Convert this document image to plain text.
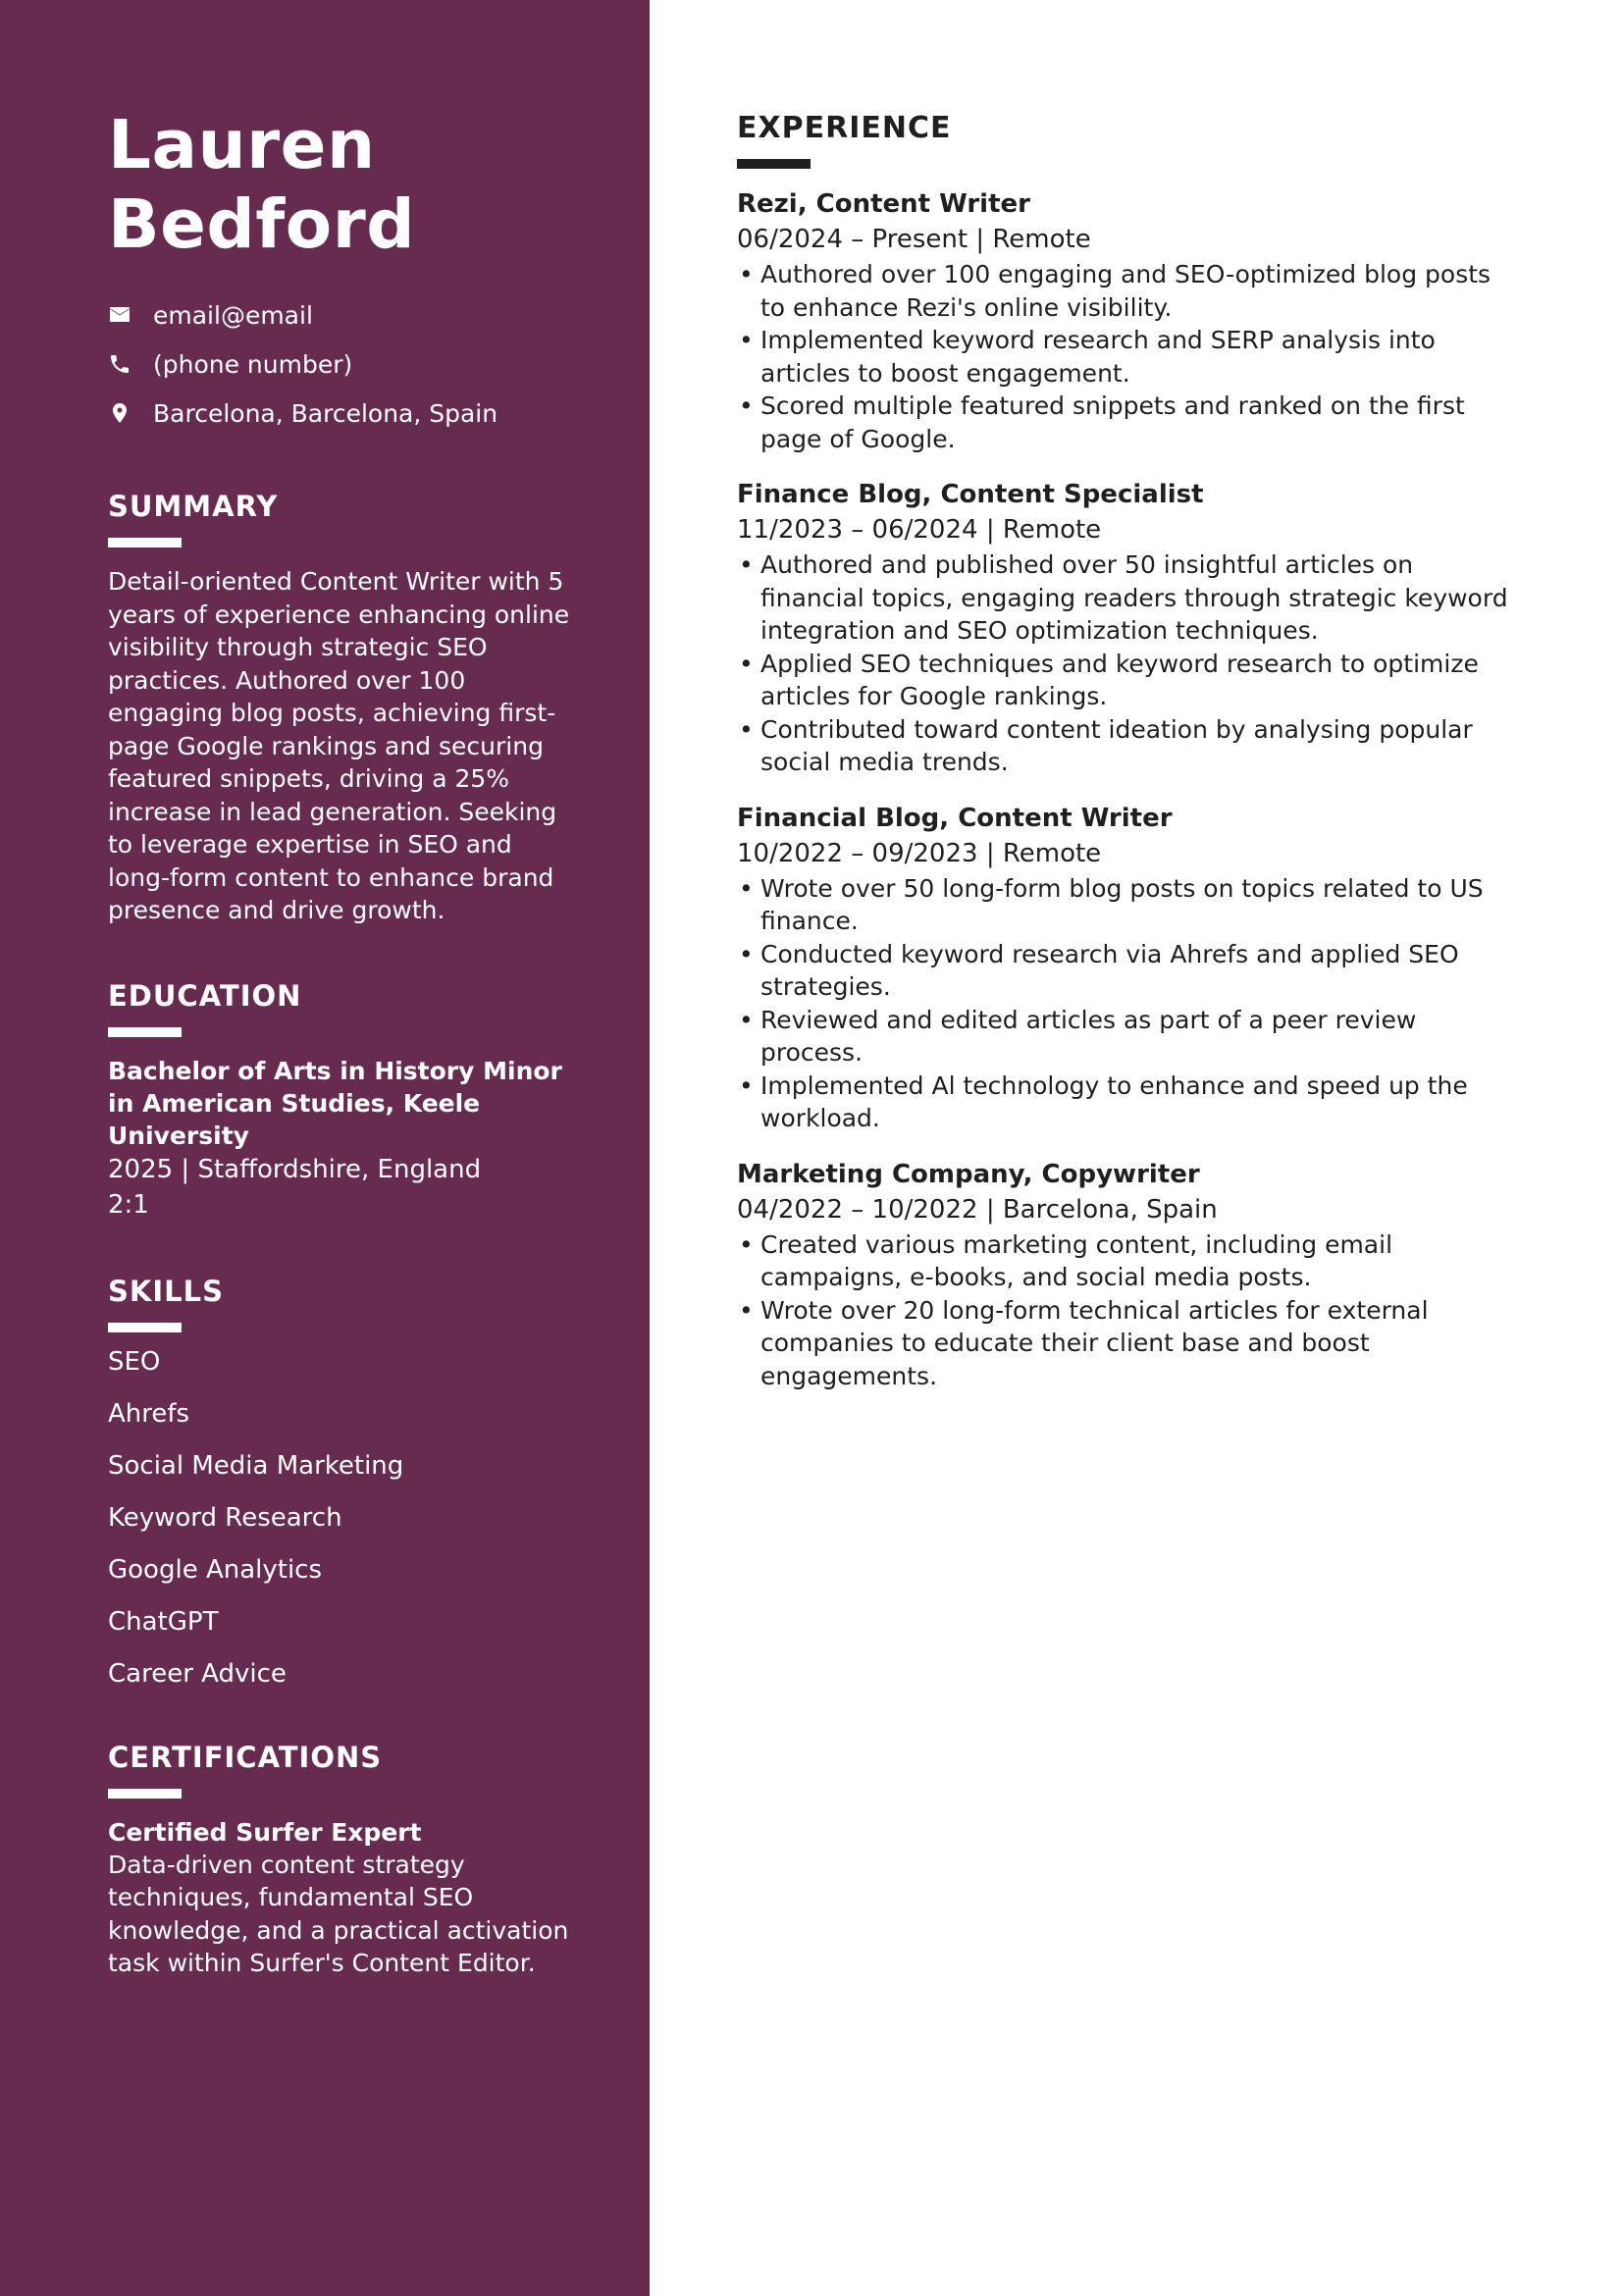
Lauren
Bedford
email@email
(phone number)
Barcelona, Barcelona, Spain
SUMMARY

Detail-oriented Content Writer with 5 years of experience enhancing online visibility through strategic SEO practices. Authored over 100 engaging blog posts, achieving first-page Google rankings and securing featured snippets, driving a 25% increase in lead generation. Seeking to leverage expertise in SEO and long-form content to enhance brand presence and drive growth.

EDUCATION

Bachelor of Arts in History Minor in American Studies, Keele University

2025 | Staffordshire, England

2:1

SKILLS

SEO

Ahrefs

Social Media Marketing

Keyword Research

Google Analytics

ChatGPT

Career Advice

CERTIFICATIONS

Certified Surfer Expert

Data-driven content strategy techniques, fundamental SEO knowledge, and a practical activation task within Surfer's Content Editor.

EXPERIENCE

Rezi, Content Writer

06/2024 – Present | Remote

• Authored over 100 engaging and SEO-optimized blog posts to enhance Rezi's online visibility.
• Implemented keyword research and SERP analysis into articles to boost engagement.
• Scored multiple featured snippets and ranked on the first page of Google.

Finance Blog, Content Specialist

11/2023 – 06/2024 | Remote

• Authored and published over 50 insightful articles on financial topics, engaging readers through strategic keyword integration and SEO optimization techniques.
• Applied SEO techniques and keyword research to optimize articles for Google rankings.
• Contributed toward content ideation by analysing popular social media trends.

Financial Blog, Content Writer

10/2022 – 09/2023 | Remote

• Wrote over 50 long-form blog posts on topics related to US finance.
• Conducted keyword research via Ahrefs and applied SEO strategies.
• Reviewed and edited articles as part of a peer review process.
• Implemented Al technology to enhance and speed up the workload.

Marketing Company, Copywriter

04/2022 – 10/2022 | Barcelona, Spain

• Created various marketing content, including email campaigns, e-books, and social media posts.
• Wrote over 20 long-form technical articles for external companies to educate their client base and boost engagements.
